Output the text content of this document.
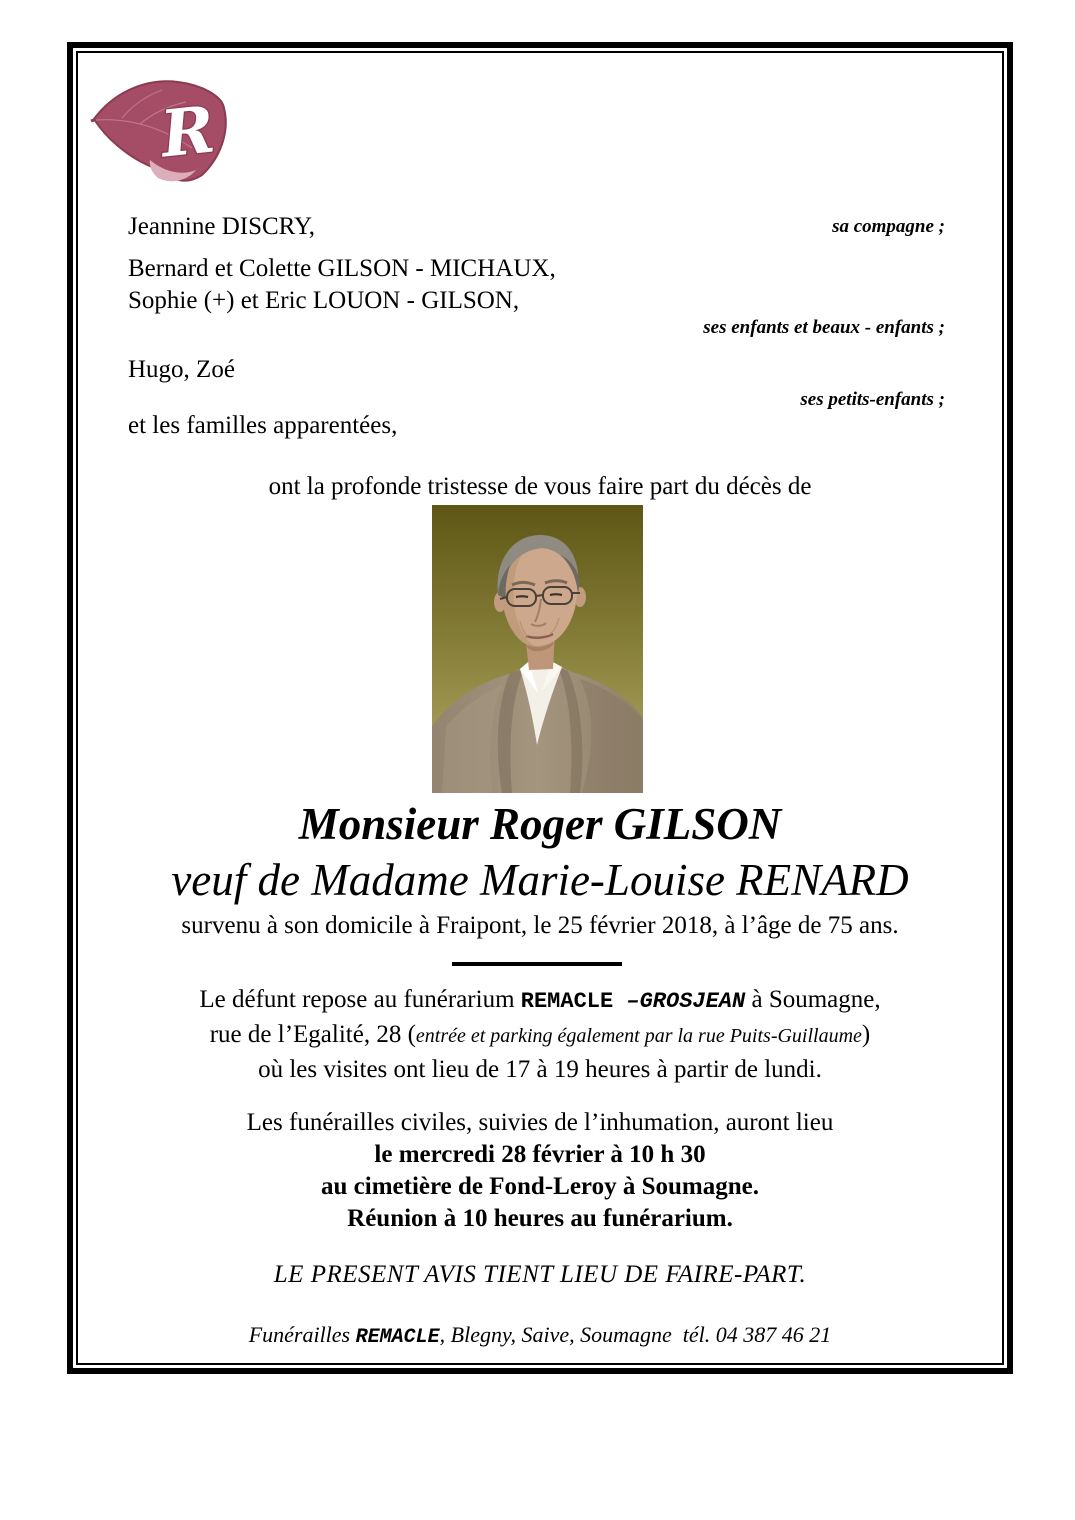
R
Jeannine DISCRY,	sa compagne ;
Bernard et Colette GILSON - MICHAUX,
Sophie (+) et Eric LOUON - GILSON,
ses enfants et beaux - enfants ;
Hugo, Zoé
ses petits-enfants ;
et les familles apparentées,
ont la profonde tristesse de vous faire part du décès de
Monsieur Roger GILSON
veuf de Madame Marie-Louise RENARD
survenu à son domicile à Fraipont, le 25 février 2018, à l’âge de 75 ans.
Le défunt repose au funérarium REMACLE –GROSJEAN à Soumagne,
rue de l’Egalité, 28 (entrée et parking également par la rue Puits-Guillaume)
où les visites ont lieu de 17 à 19 heures à partir de lundi.
Les funérailles civiles, suivies de l’inhumation, auront lieu
le mercredi 28 février à 10 h 30
au cimetière de Fond-Leroy à Soumagne.
Réunion à 10 heures au funérarium.
LE PRESENT AVIS TIENT LIEU DE FAIRE-PART.
Funérailles REMACLE, Blegny, Saive, Soumagne  tél. 04 387 46 21
